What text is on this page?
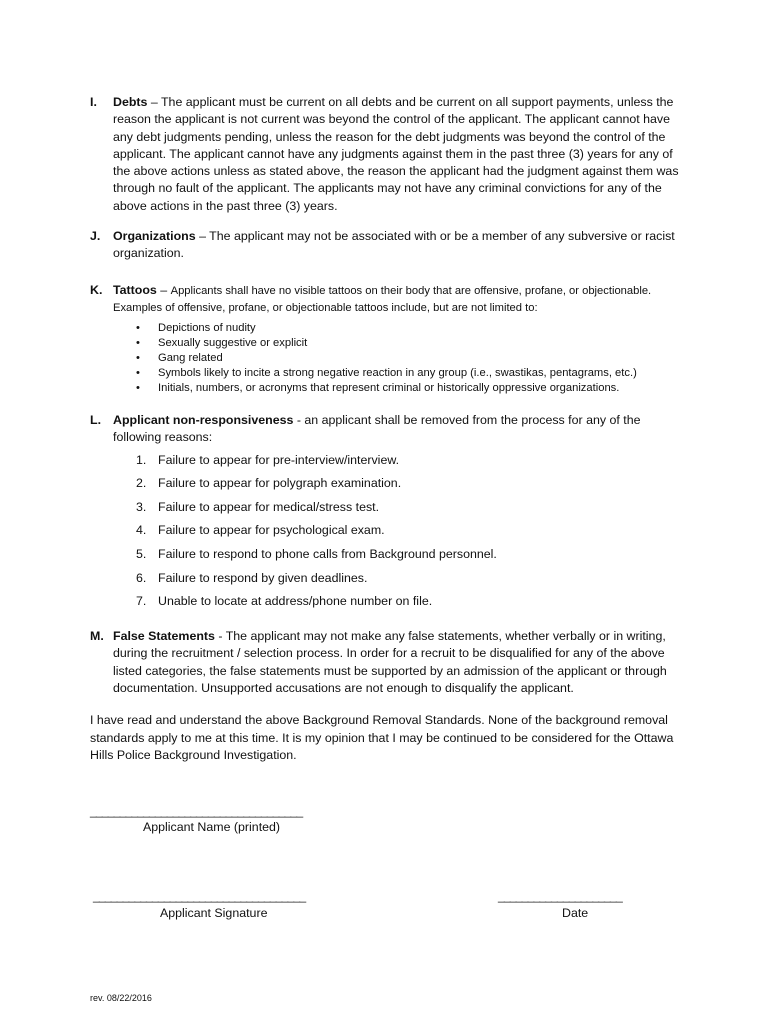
I. Debts – The applicant must be current on all debts and be current on all support payments, unless the reason the applicant is not current was beyond the control of the applicant. The applicant cannot have any debt judgments pending, unless the reason for the debt judgments was beyond the control of the applicant. The applicant cannot have any judgments against them in the past three (3) years for any of the above actions unless as stated above, the reason the applicant had the judgment against them was through no fault of the applicant. The applicants may not have any criminal convictions for any of the above actions in the past three (3) years.
J. Organizations – The applicant may not be associated with or be a member of any subversive or racist organization.
K. Tattoos – Applicants shall have no visible tattoos on their body that are offensive, profane, or objectionable. Examples of offensive, profane, or objectionable tattoos include, but are not limited to:
• Depictions of nudity
• Sexually suggestive or explicit
• Gang related
• Symbols likely to incite a strong negative reaction in any group (i.e., swastikas, pentagrams, etc.)
• Initials, numbers, or acronyms that represent criminal or historically oppressive organizations.
L. Applicant non-responsiveness - an applicant shall be removed from the process for any of the following reasons:
1. Failure to appear for pre-interview/interview.
2. Failure to appear for polygraph examination.
3. Failure to appear for medical/stress test.
4. Failure to appear for psychological exam.
5. Failure to respond to phone calls from Background personnel.
6. Failure to respond by given deadlines.
7. Unable to locate at address/phone number on file.
M. False Statements - The applicant may not make any false statements, whether verbally or in writing, during the recruitment / selection process. In order for a recruit to be disqualified for any of the above listed categories, the false statements must be supported by an admission of the applicant or through documentation. Unsupported accusations are not enough to disqualify the applicant.
I have read and understand the above Background Removal Standards. None of the background removal standards apply to me at this time. It is my opinion that I may be continued to be considered for the Ottawa Hills Police Background Investigation.
____________________________________
Applicant Name (printed)
____________________________________
Applicant Signature
_____________________
Date
rev. 08/22/2016
